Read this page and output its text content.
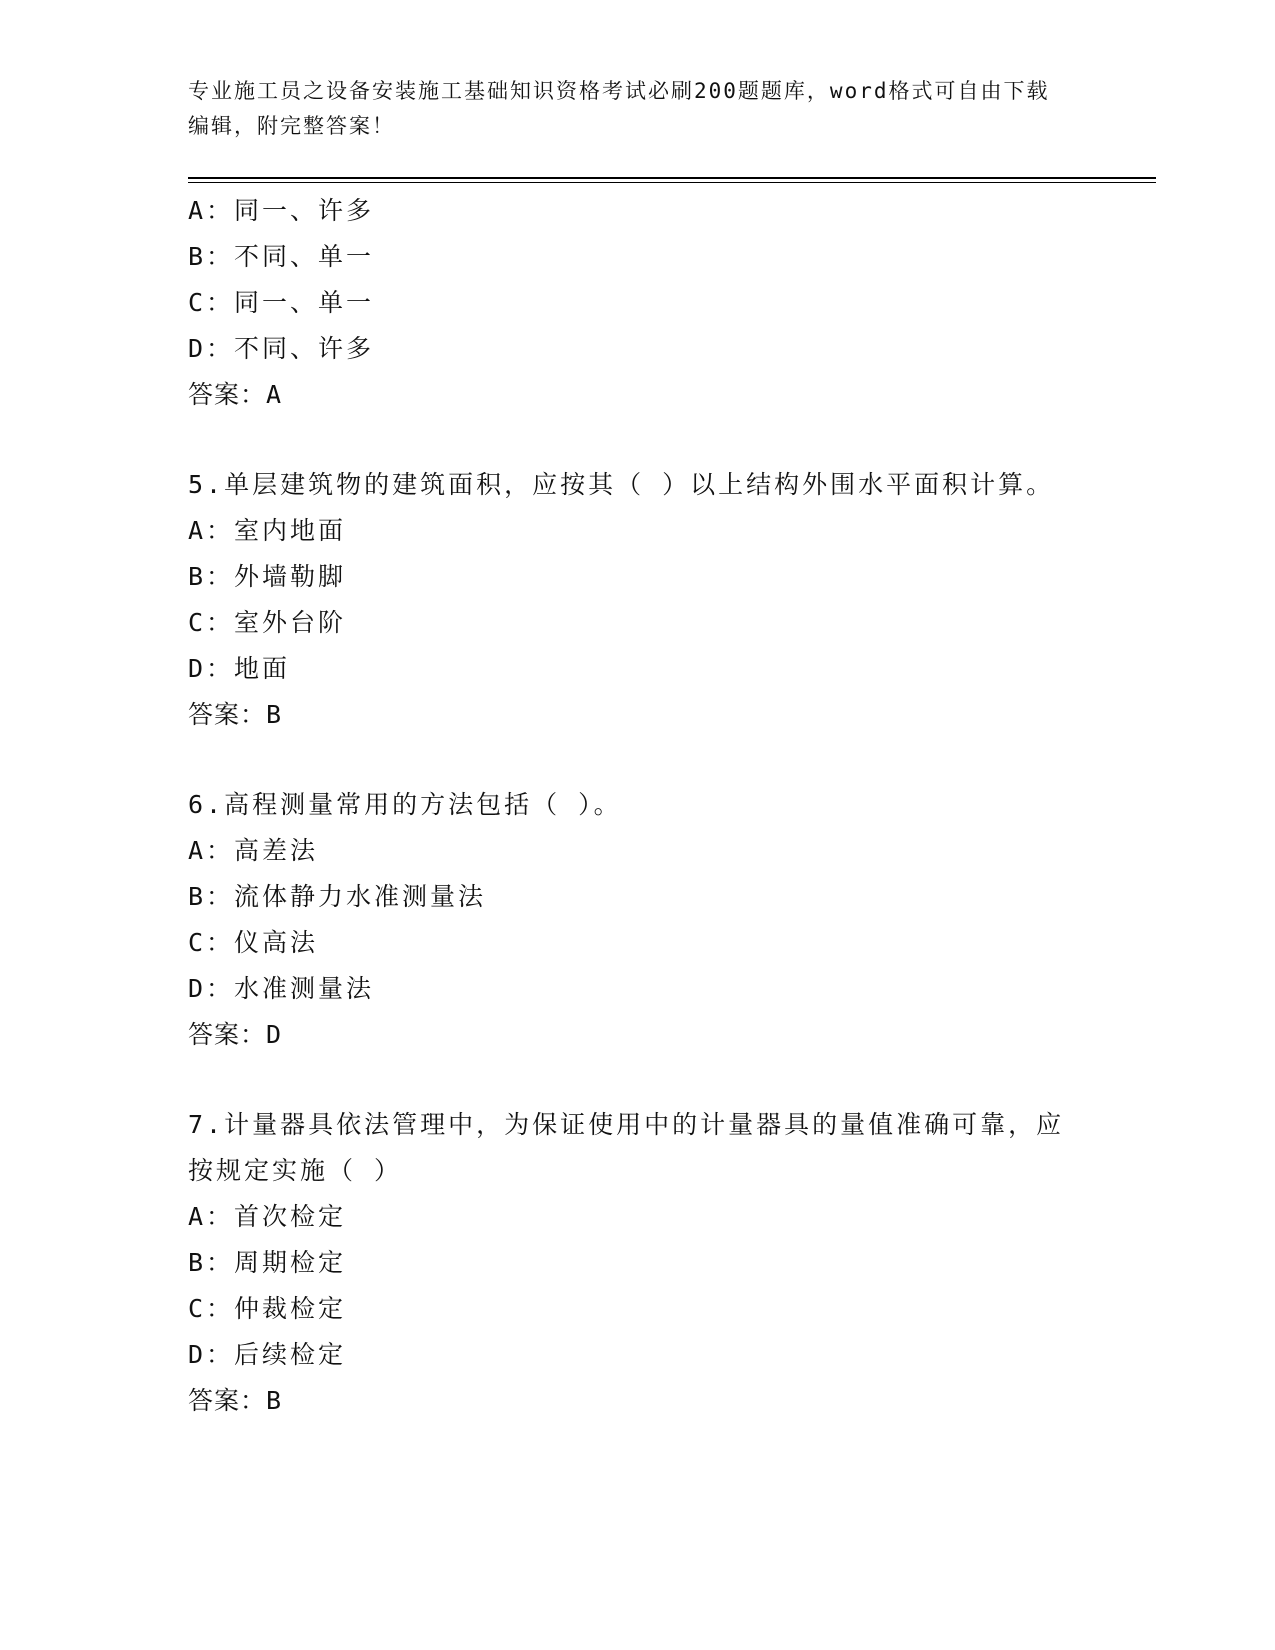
专业施工员之设备安装施工基础知识资格考试必刷200题题库，word格式可自由下载编辑，附完整答案！
A：同一、许多
B：不同、单一
C：同一、单一
D：不同、许多
答案：A
5.单层建筑物的建筑面积，应按其（ ）以上结构外围水平面积计算。
A：室内地面
B：外墙勒脚
C：室外台阶
D：地面
答案：B
6.高程测量常用的方法包括（ ）。
A：高差法
B：流体静力水准测量法
C：仪高法
D：水准测量法
答案：D
7.计量器具依法管理中，为保证使用中的计量器具的量值准确可靠，应按规定实施（ ）
A：首次检定
B：周期检定
C：仲裁检定
D：后续检定
答案：B
